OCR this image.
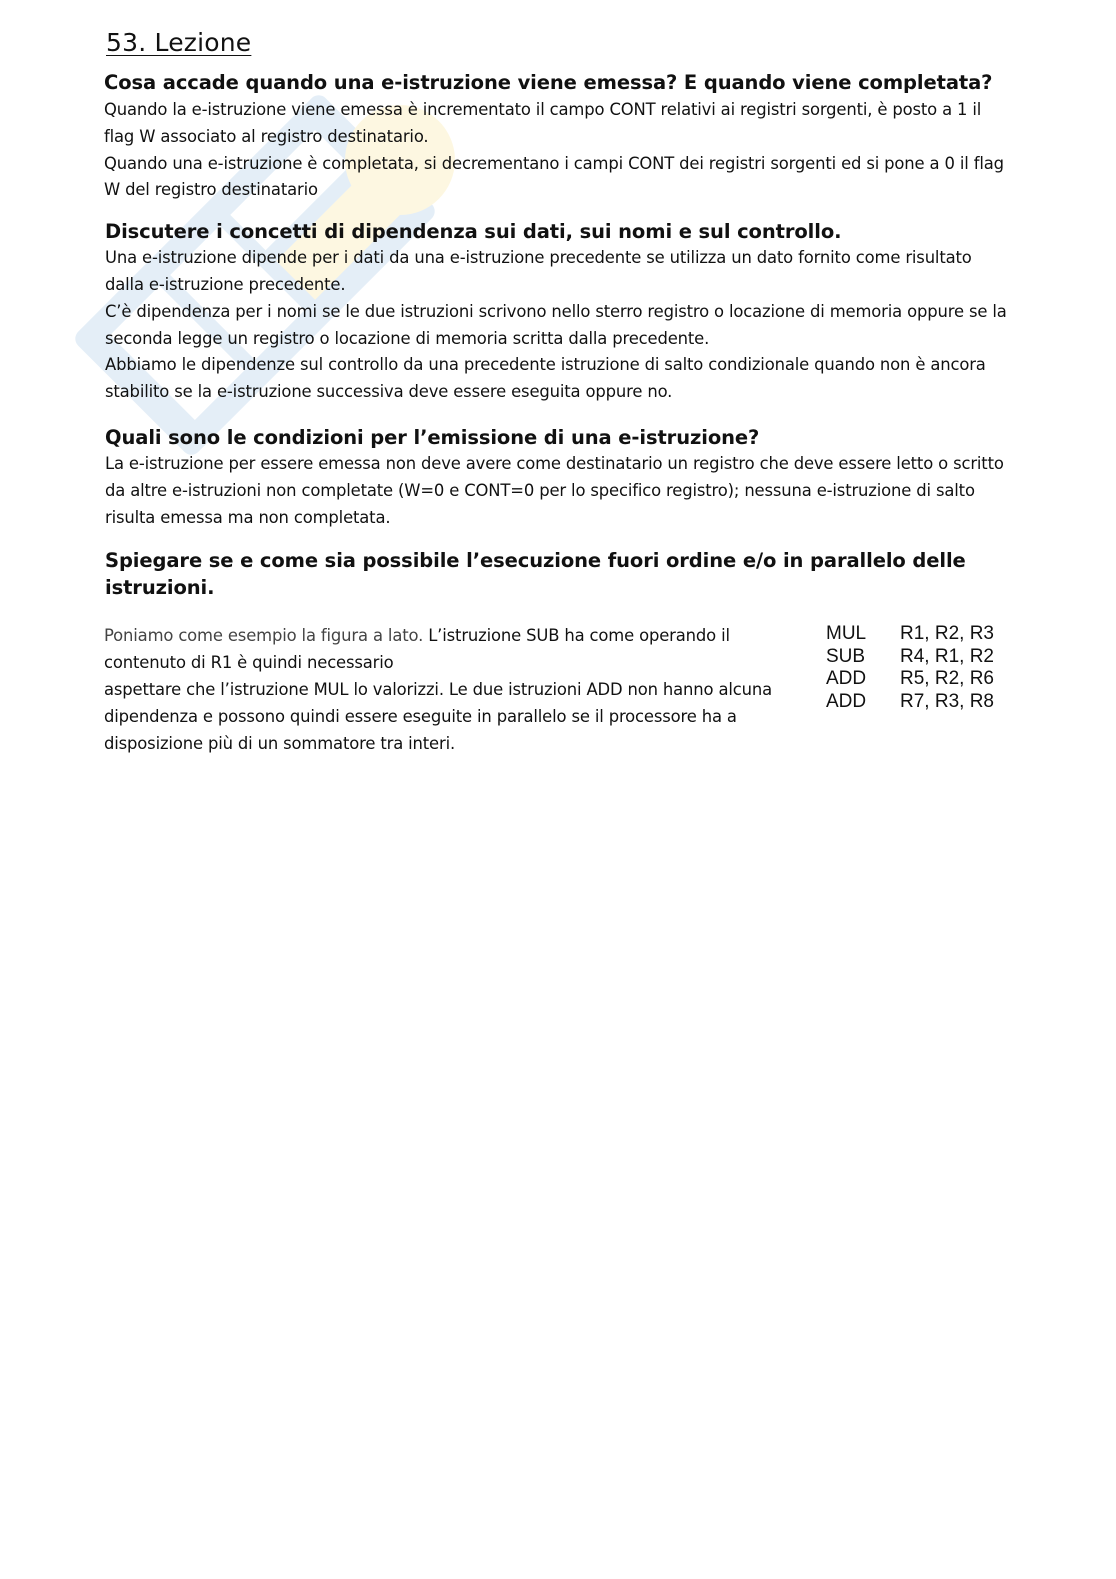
53. Lezione

Cosa accade quando una e-istruzione viene emessa? E quando viene completata?

Quando la e-istruzione viene emessa è incrementato il campo CONT relativi ai registri sorgenti, è posto a 1 il flag W associato al registro destinatario.

Quando una e-istruzione è completata, si decrementano i campi CONT dei registri sorgenti ed si pone a 0 il flag W del registro destinatario

Discutere i concetti di dipendenza sui dati, sui nomi e sul controllo.

Una e-istruzione dipende per i dati da una e-istruzione precedente se utilizza un dato fornito come risultato dalla e-istruzione precedente.

C’è dipendenza per i nomi se le due istruzioni scrivono nello sterro registro o locazione di memoria oppure se la seconda legge un registro o locazione di memoria scritta dalla precedente.

Abbiamo le dipendenze sul controllo da una precedente istruzione di salto condizionale quando non è ancora stabilito se la e-istruzione successiva deve essere eseguita oppure no.

Quali sono le condizioni per l’emissione di una e-istruzione?

La e-istruzione per essere emessa non deve avere come destinatario un registro che deve essere letto o scritto da altre e-istruzioni non completate (W=0 e CONT=0 per lo specifico registro); nessuna e-istruzione di salto risulta emessa ma non completata.

Spiegare se e come sia possibile l’esecuzione fuori ordine e/o in parallelo delle istruzioni.

Poniamo come esempio la figura a lato. L’istruzione SUB ha come operando il

contenuto di R1 è quindi necessario

aspettare che l’istruzione MUL lo valorizzi. Le due istruzioni ADD non hanno alcuna dipendenza e possono quindi essere eseguite in parallelo se il processore ha a disposizione più di un sommatore tra interi.

MUL	R1, R2, R3
SUB	R4, R1, R2
ADD	R5, R2, R6
ADD	R7, R3, R8
